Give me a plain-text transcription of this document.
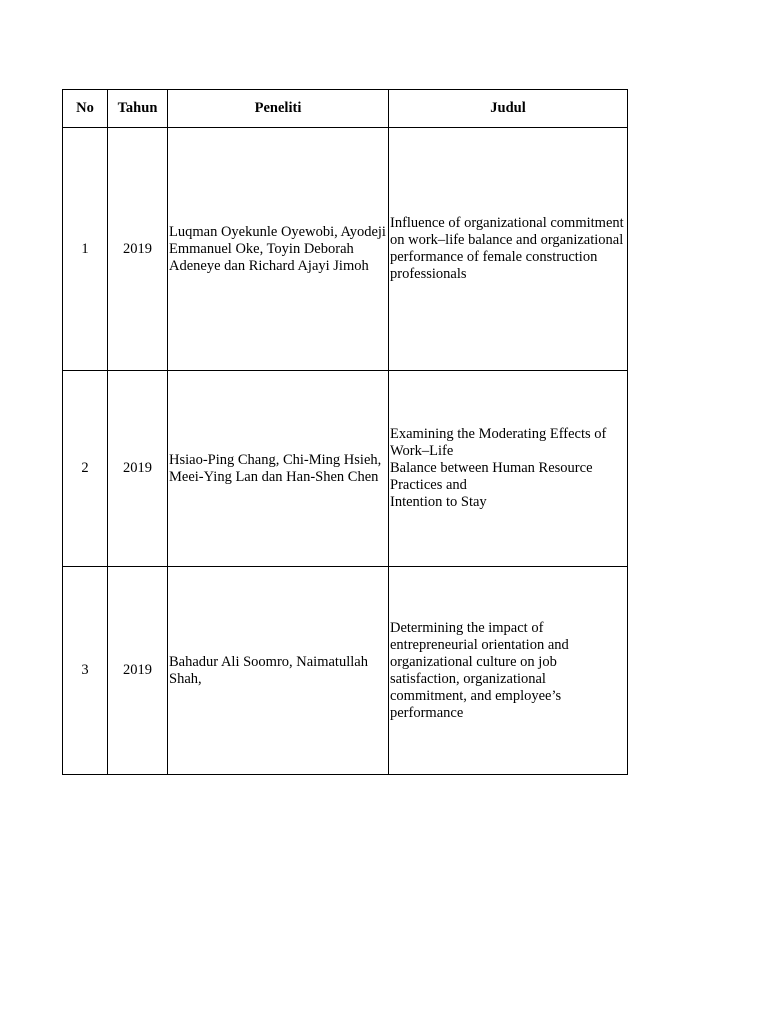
No	Tahun	Peneliti	Judul
1	2019	Luqman Oyekunle Oyewobi, Ayodeji Emmanuel Oke, Toyin Deborah Adeneye dan Richard Ajayi Jimoh	Influence of organizational commitment on work–life balance and organizational performance of female construction professionals
2	2019	Hsiao-Ping Chang, Chi-Ming Hsieh, Meei-Ying Lan dan Han-Shen Chen	Examining the Moderating Effects of Work–Life
Balance between Human Resource Practices and
Intention to Stay
3	2019	Bahadur Ali Soomro, Naimatullah Shah,	Determining the impact of entrepreneurial orientation and organizational culture on job satisfaction, organizational commitment, and employee’s performance
